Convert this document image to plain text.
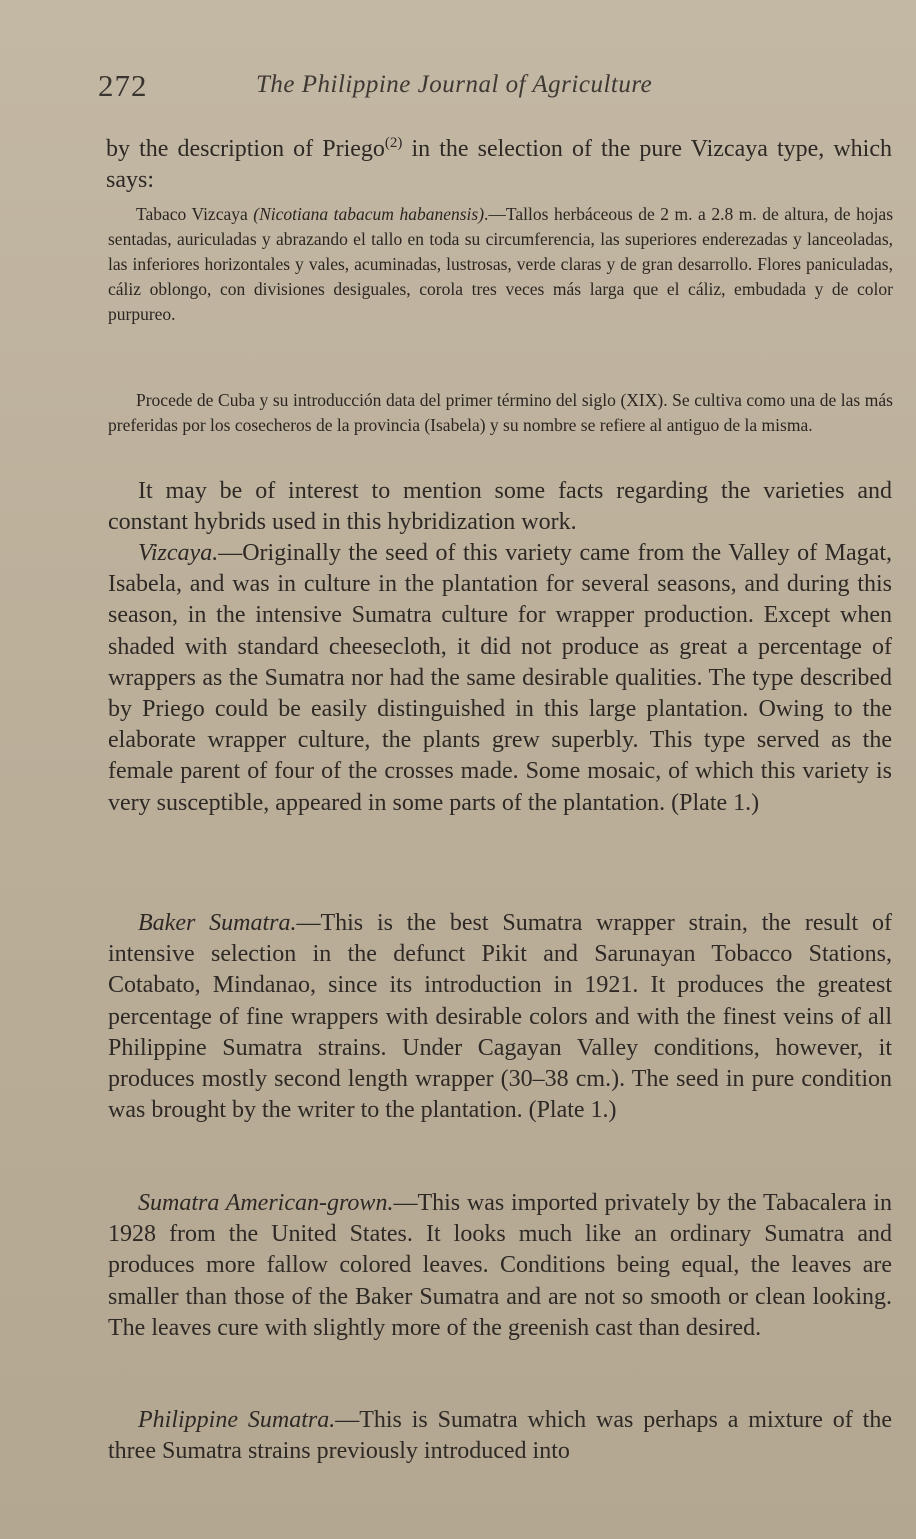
272	The Philippine Journal of Agriculture

by the description of Priego$^{(2)}$ in the selection of the pure Vizcaya type, which says:

Tabaco Vizcaya (Nicotiana tabacum habanensis).—Tallos herbáceous de 2 m. a 2.8 m. de altura, de hojas sentadas, auriculadas y abrazando el tallo en toda su circumferencia, las superiores enderezadas y lanceoladas, las inferiores horizontales y vales, acuminadas, lustrosas, verde claras y de gran desarrollo. Flores paniculadas, cáliz oblongo, con divisiones desiguales, corola tres veces más larga que el cáliz, embudada y de color purpureo.

Procede de Cuba y su introducción data del primer término del siglo (XIX). Se cultiva como una de las más preferidas por los cosecheros de la provincia (Isabela) y su nombre se refiere al antiguo de la misma.

It may be of interest to mention some facts regarding the varieties and constant hybrids used in this hybridization work.

Vizcaya.—Originally the seed of this variety came from the Valley of Magat, Isabela, and was in culture in the plantation for several seasons, and during this season, in the intensive Sumatra culture for wrapper production. Except when shaded with standard cheesecloth, it did not produce as great a percentage of wrappers as the Sumatra nor had the same desirable qualities. The type described by Priego could be easily distinguished in this large plantation. Owing to the elaborate wrapper culture, the plants grew superbly. This type served as the female parent of four of the crosses made. Some mosaic, of which this variety is very susceptible, appeared in some parts of the plantation. (Plate 1.)

Baker Sumatra.—This is the best Sumatra wrapper strain, the result of intensive selection in the defunct Pikit and Sarunayan Tobacco Stations, Cotabato, Mindanao, since its introduction in 1921. It produces the greatest percentage of fine wrappers with desirable colors and with the finest veins of all Philippine Sumatra strains. Under Cagayan Valley conditions, however, it produces mostly second length wrapper (30–38 cm.). The seed in pure condition was brought by the writer to the plantation. (Plate 1.)

Sumatra American-grown.—This was imported privately by the Tabacalera in 1928 from the United States. It looks much like an ordinary Sumatra and produces more fallow colored leaves. Conditions being equal, the leaves are smaller than those of the Baker Sumatra and are not so smooth or clean looking. The leaves cure with slightly more of the greenish cast than desired.

Philippine Sumatra.—This is Sumatra which was perhaps a mixture of the three Sumatra strains previously introduced into
